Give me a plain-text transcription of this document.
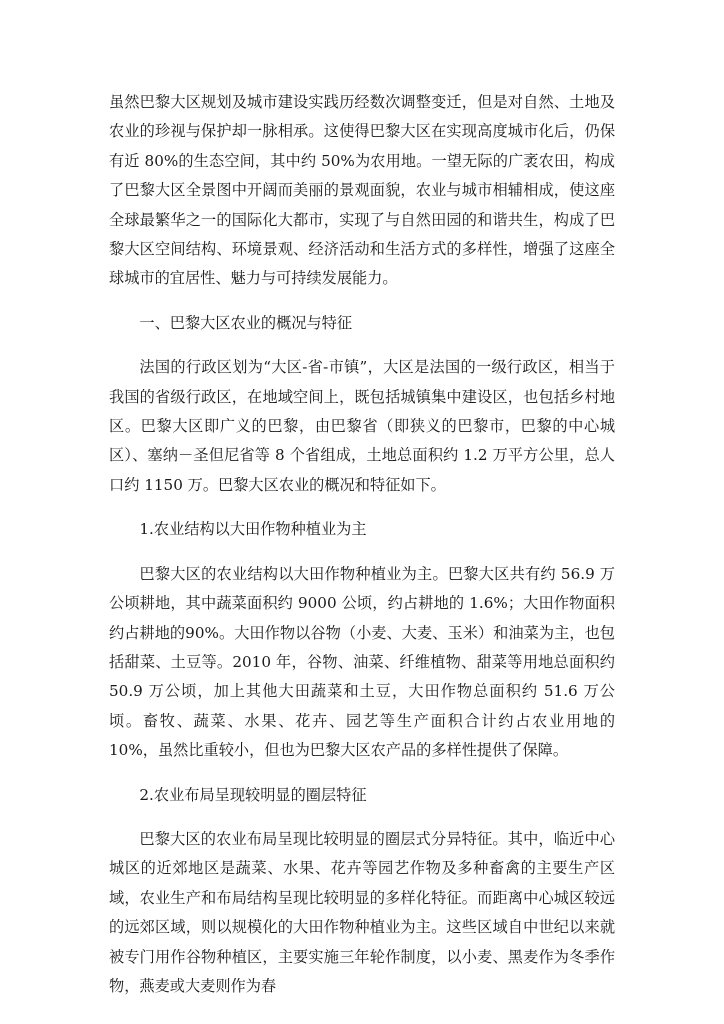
虽然巴黎大区规划及城市建设实践历经数次调整变迁，但是对自然、土地及农业的珍视与保护却一脉相承。这使得巴黎大区在实现高度城市化后，仍保有近 80%的生态空间，其中约 50%为农用地。一望无际的广袤农田，构成了巴黎大区全景图中开阔而美丽的景观面貌，农业与城市相辅相成，使这座全球最繁华之一的国际化大都市，实现了与自然田园的和谐共生，构成了巴黎大区空间结构、环境景观、经济活动和生活方式的多样性，增强了这座全球城市的宜居性、魅力与可持续发展能力。

一、巴黎大区农业的概况与特征

法国的行政区划为“大区-省-市镇”，大区是法国的一级行政区，相当于我国的省级行政区，在地域空间上，既包括城镇集中建设区，也包括乡村地区。巴黎大区即广义的巴黎，由巴黎省（即狭义的巴黎市，巴黎的中心城区）、塞纳－圣但尼省等 8 个省组成，土地总面积约 1.2 万平方公里，总人口约 1150 万。巴黎大区农业的概况和特征如下。

1.农业结构以大田作物种植业为主

巴黎大区的农业结构以大田作物种植业为主。巴黎大区共有约 56.9 万公顷耕地，其中蔬菜面积约 9000 公顷，约占耕地的 1.6%；大田作物面积约占耕地的90%。大田作物以谷物（小麦、大麦、玉米）和油菜为主，也包括甜菜、土豆等。2010 年，谷物、油菜、纤维植物、甜菜等用地总面积约 50.9 万公顷，加上其他大田蔬菜和土豆，大田作物总面积约 51.6 万公顷。畜牧、蔬菜、水果、花卉、园艺等生产面积合计约占农业用地的 10%，虽然比重较小，但也为巴黎大区农产品的多样性提供了保障。

2.农业布局呈现较明显的圈层特征

巴黎大区的农业布局呈现比较明显的圈层式分异特征。其中，临近中心城区的近郊地区是蔬菜、水果、花卉等园艺作物及多种畜禽的主要生产区域，农业生产和布局结构呈现比较明显的多样化特征。而距离中心城区较远的远郊区域，则以规模化的大田作物种植业为主。这些区域自中世纪以来就被专门用作谷物种植区，主要实施三年轮作制度，以小麦、黑麦作为冬季作物，燕麦或大麦则作为春
